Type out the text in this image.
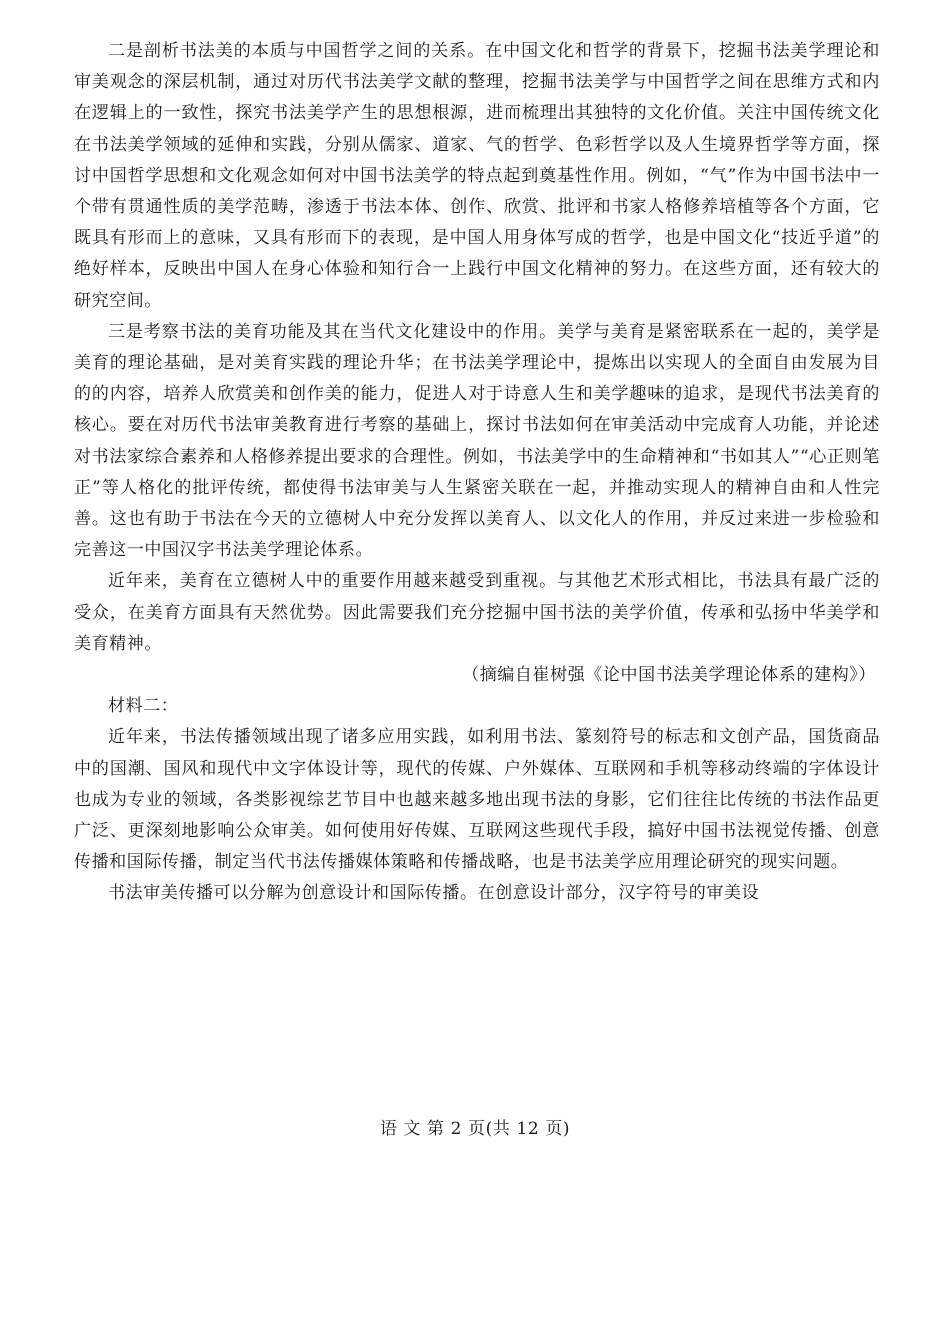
二是剖析书法美的本质与中国哲学之间的关系。在中国文化和哲学的背景下，挖掘书法美学理论和审美观念的深层机制，通过对历代书法美学文献的整理，挖掘书法美学与中国哲学之间在思维方式和内在逻辑上的一致性，探究书法美学产生的思想根源，进而梳理出其独特的文化价值。关注中国传统文化在书法美学领域的延伸和实践，分别从儒家、道家、气的哲学、色彩哲学以及人生境界哲学等方面，探讨中国哲学思想和文化观念如何对中国书法美学的特点起到奠基性作用。例如，“气”作为中国书法中一个带有贯通性质的美学范畴，渗透于书法本体、创作、欣赏、批评和书家人格修养培植等各个方面，它既具有形而上的意味，又具有形而下的表现，是中国人用身体写成的哲学，也是中国文化“技近乎道”的绝好样本，反映出中国人在身心体验和知行合一上践行中国文化精神的努力。在这些方面，还有较大的研究空间。

三是考察书法的美育功能及其在当代文化建设中的作用。美学与美育是紧密联系在一起的，美学是美育的理论基础，是对美育实践的理论升华；在书法美学理论中，提炼出以实现人的全面自由发展为目的的内容，培养人欣赏美和创作美的能力，促进人对于诗意人生和美学趣味的追求，是现代书法美育的核心。要在对历代书法审美教育进行考察的基础上，探讨书法如何在审美活动中完成育人功能，并论述对书法家综合素养和人格修养提出要求的合理性。例如，书法美学中的生命精神和“书如其人”“心正则笔正”等人格化的批评传统，都使得书法审美与人生紧密关联在一起，并推动实现人的精神自由和人性完善。这也有助于书法在今天的立德树人中充分发挥以美育人、以文化人的作用，并反过来进一步检验和完善这一中国汉字书法美学理论体系。

近年来，美育在立德树人中的重要作用越来越受到重视。与其他艺术形式相比，书法具有最广泛的受众，在美育方面具有天然优势。因此需要我们充分挖掘中国书法的美学价值，传承和弘扬中华美学和美育精神。

（摘编自崔树强《论中国书法美学理论体系的建构》）

材料二：

近年来，书法传播领域出现了诸多应用实践，如利用书法、篆刻符号的标志和文创产品，国货商品中的国潮、国风和现代中文字体设计等，现代的传媒、户外媒体、互联网和手机等移动终端的字体设计也成为专业的领域，各类影视综艺节目中也越来越多地出现书法的身影，它们往往比传统的书法作品更广泛、更深刻地影响公众审美。如何使用好传媒、互联网这些现代手段，搞好中国书法视觉传播、创意传播和国际传播，制定当代书法传播媒体策略和传播战略，也是书法美学应用理论研究的现实问题。

书法审美传播可以分解为创意设计和国际传播。在创意设计部分，汉字符号的审美设

语 文 第 2 页(共 12 页)
